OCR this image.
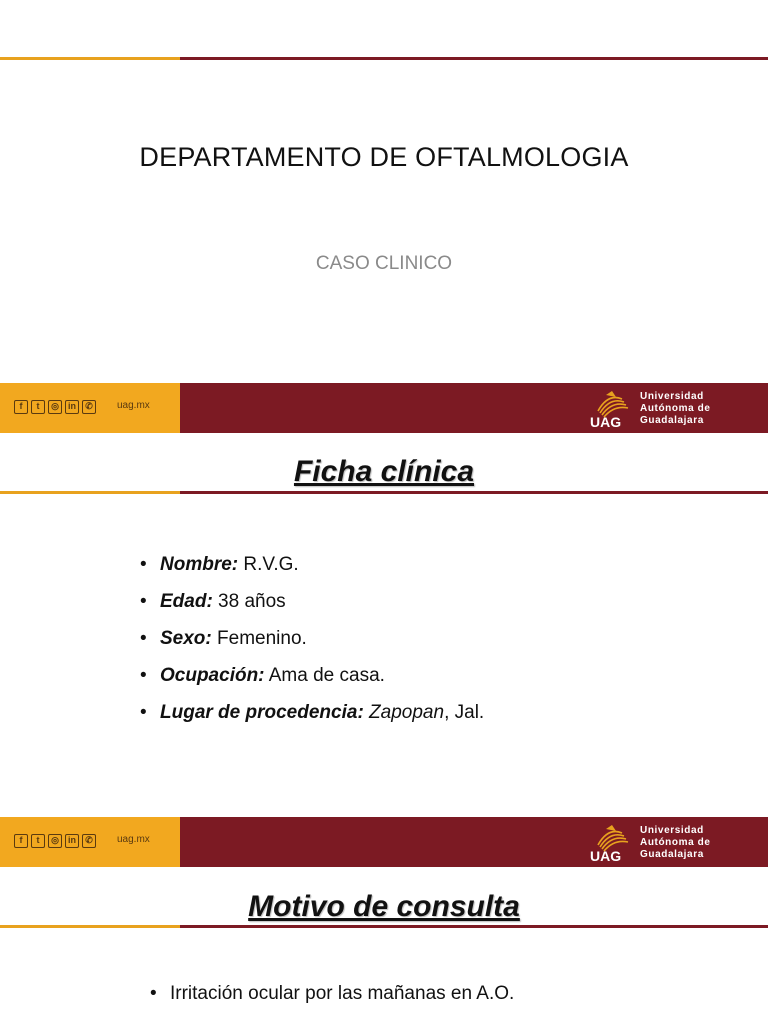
DEPARTAMENTO DE OFTALMOLOGIA
CASO CLINICO
f	t	◎	in	✆	uag.mx
UAG
Universidad
Autónoma de
Guadalajara
Ficha clínica
• Nombre: R.V.G.
• Edad: 38 años
• Sexo: Femenino.
• Ocupación: Ama de casa.
• Lugar de procedencia: Zapopan, Jal.
f	t	◎	in	✆	uag.mx
UAG
Universidad
Autónoma de
Guadalajara
Motivo de consulta
• Irritación ocular por las mañanas en A.O.
